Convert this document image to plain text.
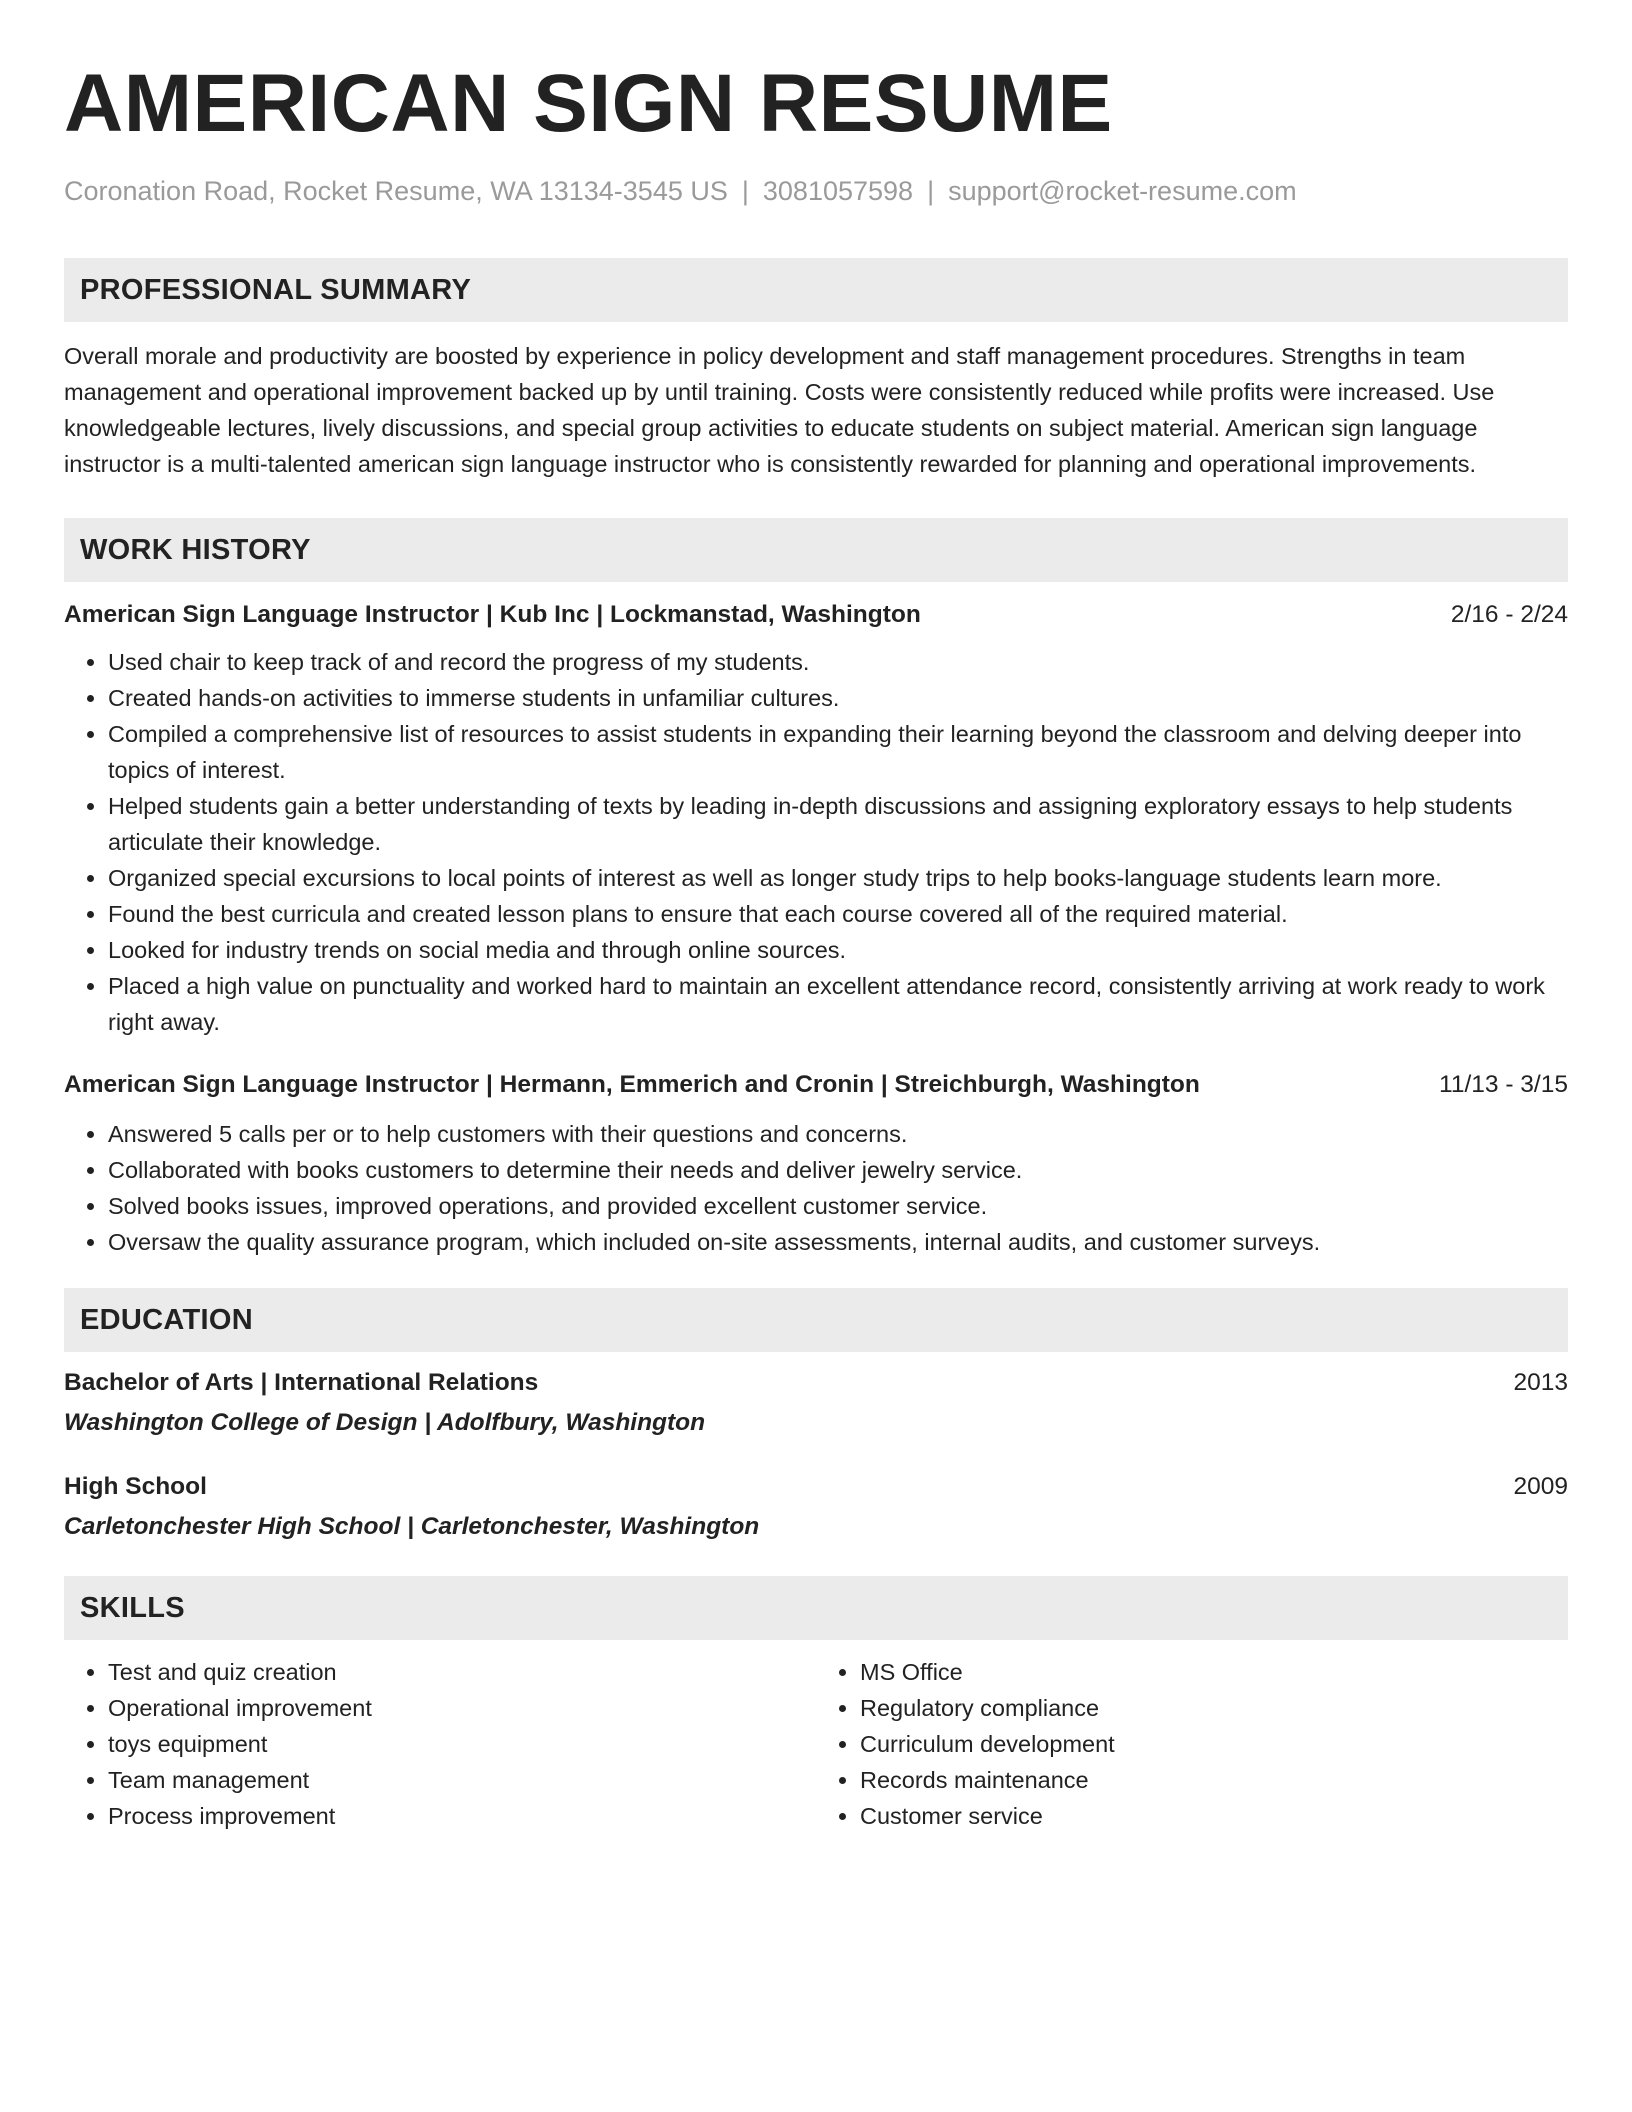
AMERICAN SIGN RESUME
Coronation Road, Rocket Resume, WA 13134-3545 US | 3081057598 | support@rocket-resume.com
PROFESSIONAL SUMMARY
Overall morale and productivity are boosted by experience in policy development and staff management procedures. Strengths in team management and operational improvement backed up by until training. Costs were consistently reduced while profits were increased. Use knowledgeable lectures, lively discussions, and special group activities to educate students on subject material. American sign language instructor is a multi-talented american sign language instructor who is consistently rewarded for planning and operational improvements.
WORK HISTORY
American Sign Language Instructor | Kub Inc | Lockmanstad, Washington	2/16 - 2/24
• Used chair to keep track of and record the progress of my students.
• Created hands-on activities to immerse students in unfamiliar cultures.
• Compiled a comprehensive list of resources to assist students in expanding their learning beyond the classroom and delving deeper into topics of interest.
• Helped students gain a better understanding of texts by leading in-depth discussions and assigning exploratory essays to help students articulate their knowledge.
• Organized special excursions to local points of interest as well as longer study trips to help books-language students learn more.
• Found the best curricula and created lesson plans to ensure that each course covered all of the required material.
• Looked for industry trends on social media and through online sources.
• Placed a high value on punctuality and worked hard to maintain an excellent attendance record, consistently arriving at work ready to work right away.
American Sign Language Instructor | Hermann, Emmerich and Cronin | Streichburgh, Washington	11/13 - 3/15
• Answered 5 calls per or to help customers with their questions and concerns.
• Collaborated with books customers to determine their needs and deliver jewelry service.
• Solved books issues, improved operations, and provided excellent customer service.
• Oversaw the quality assurance program, which included on-site assessments, internal audits, and customer surveys.
EDUCATION
Bachelor of Arts | International Relations	2013
Washington College of Design | Adolfbury, Washington
High School	2009
Carletonchester High School | Carletonchester, Washington
SKILLS
• Test and quiz creation
• Operational improvement
• toys equipment
• Team management
• Process improvement
• MS Office
• Regulatory compliance
• Curriculum development
• Records maintenance
• Customer service
